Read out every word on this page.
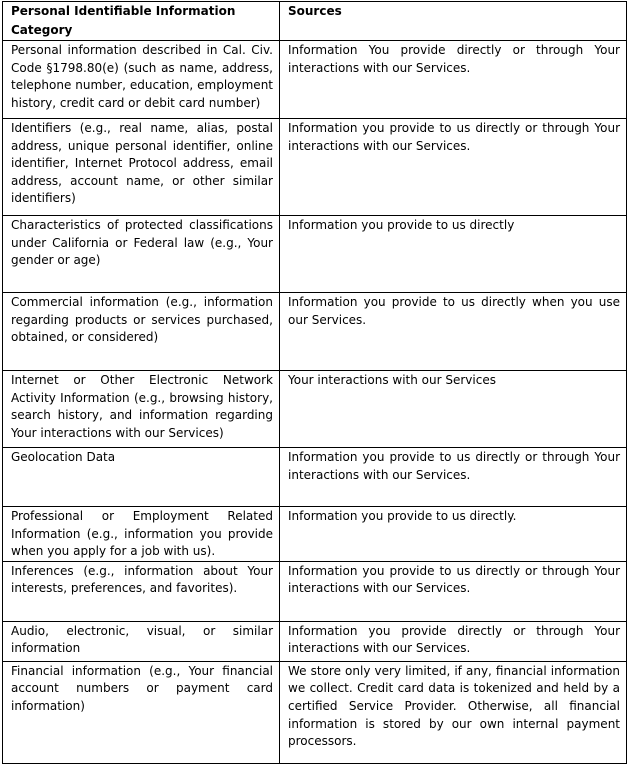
Personal Identifiable Information Category	Sources
Personal information described in Cal. Civ. Code §1798.80(e) (such as name, address, telephone number, education, employment history, credit card or debit card number)	Information You provide directly or through Your interactions with our Services.
Identifiers (e.g., real name, alias, postal address, unique personal identifier, online identifier, Internet Protocol address, email address, account name, or other similar identifiers)	Information you provide to us directly or through Your interactions with our Services.
Characteristics of protected classifications under California or Federal law (e.g., Your gender or age)	Information you provide to us directly
Commercial information (e.g., information regarding products or services purchased, obtained, or considered)	Information you provide to us directly when you use our Services.
Internet or Other Electronic Network Activity Information (e.g., browsing history, search history, and information regarding Your interactions with our Services)	Your interactions with our Services
Geolocation Data	Information you provide to us directly or through Your interactions with our Services.
Professional or Employment Related Information (e.g., information you provide when you apply for a job with us).	Information you provide to us directly.
Inferences (e.g., information about Your interests, preferences, and favorites).	Information you provide to us directly or through Your interactions with our Services.
Audio, electronic, visual, or similar information	Information you provide directly or through Your interactions with our Services.
Financial information (e.g., Your financial account numbers or payment card information)	We store only very limited, if any, financial information we collect. Credit card data is tokenized and held by a certified Service Provider. Otherwise, all financial information is stored by our own internal payment processors.
